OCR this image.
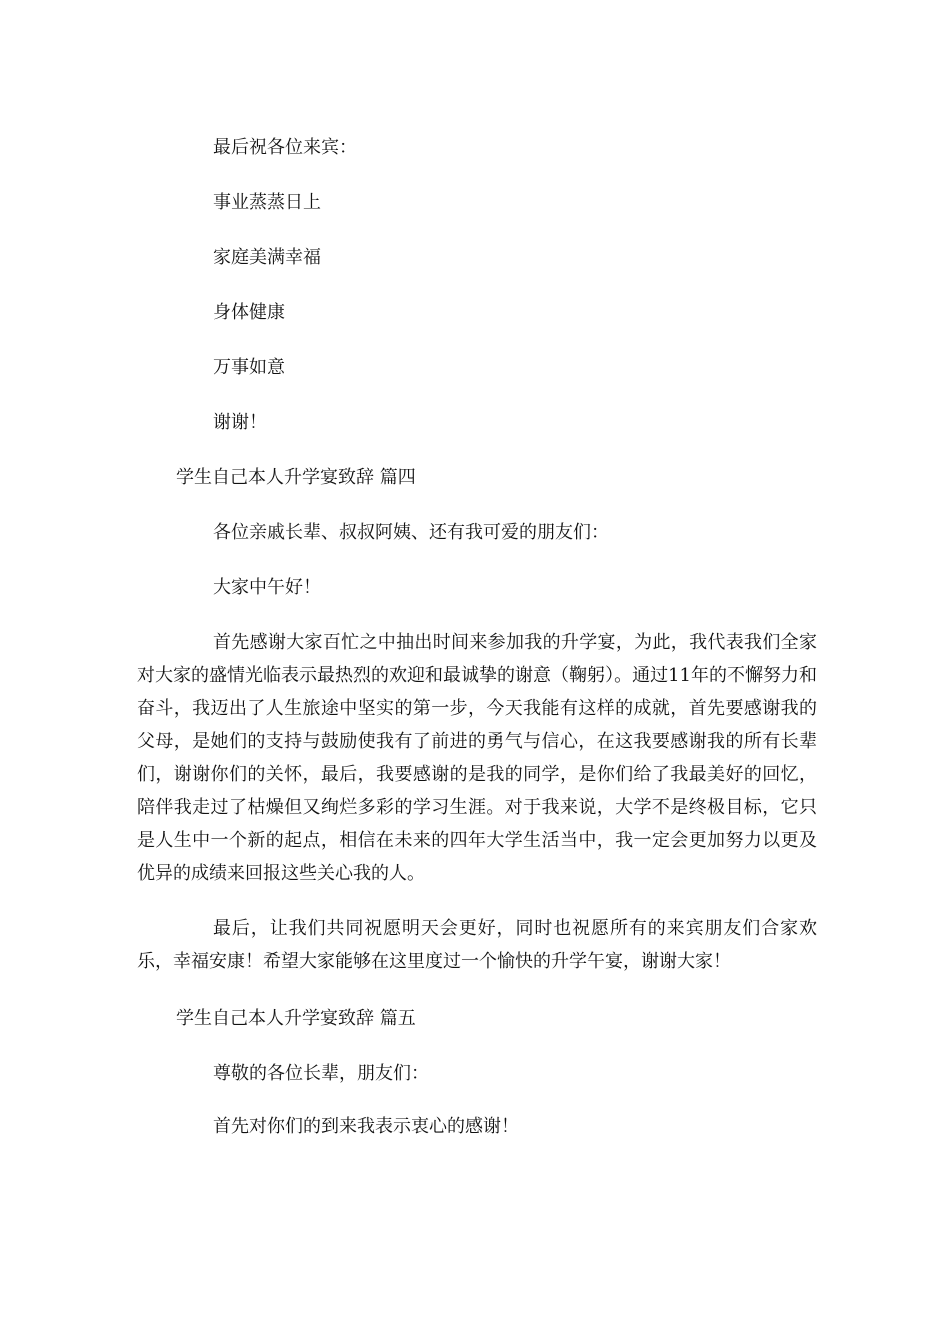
最后祝各位来宾：
事业蒸蒸日上
家庭美满幸福
身体健康
万事如意
谢谢！
学生自己本人升学宴致辞 篇四
各位亲戚长辈、叔叔阿姨、还有我可爱的朋友们：
大家中午好！
首先感谢大家百忙之中抽出时间来参加我的升学宴，为此，我代表我们全家对大家的盛情光临表示最热烈的欢迎和最诚挚的谢意（鞠躬）。通过11年的不懈努力和奋斗，我迈出了人生旅途中坚实的第一步，今天我能有这样的成就，首先要感谢我的父母，是她们的支持与鼓励使我有了前进的勇气与信心，在这我要感谢我的所有长辈们，谢谢你们的关怀，最后，我要感谢的是我的同学，是你们给了我最美好的回忆，陪伴我走过了枯燥但又绚烂多彩的学习生涯。对于我来说，大学不是终极目标，它只是人生中一个新的起点，相信在未来的四年大学生活当中，我一定会更加努力以更及优异的成绩来回报这些关心我的人。
最后，让我们共同祝愿明天会更好，同时也祝愿所有的来宾朋友们合家欢乐，幸福安康！希望大家能够在这里度过一个愉快的升学午宴，谢谢大家！
学生自己本人升学宴致辞 篇五
尊敬的各位长辈，朋友们：
首先对你们的到来我表示衷心的感谢！
